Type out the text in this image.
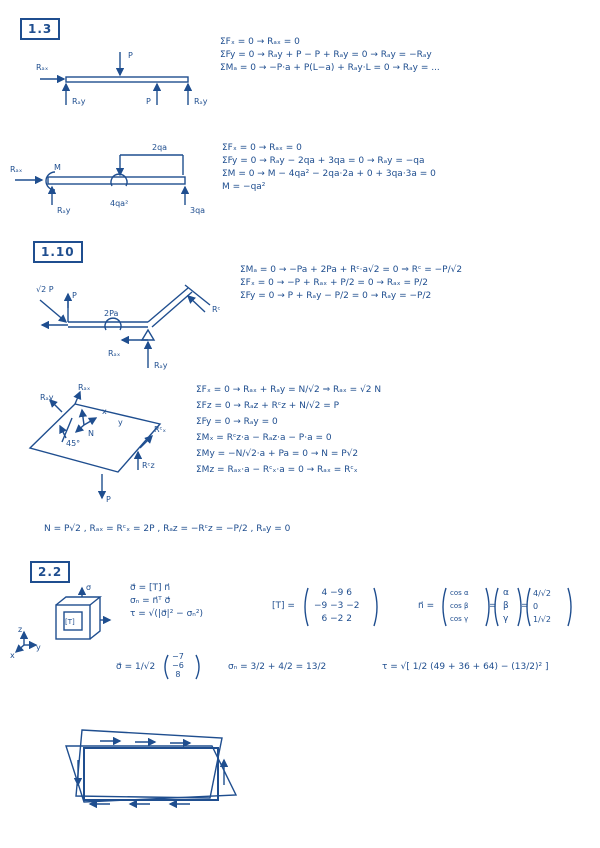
1.3
1.10
2.2
Rₐₓ
P
Rₐy	P	Rₐy
Rₐₓ	M
2qa
Rₐy
4qa²
3qa
√2 P
P
2Pa
Rₐₓ
Rₐy
Rᶜ
Rₐy
Rₐₓ
N
y
x
45°
Rᶜₓ
Rᶜz
P
z
y
x
[T]
σ
ΣFₓ = 0 → Rₐₓ = 0
ΣFy = 0 → Rₐy + P − P + Rₐy = 0 → Rₐy = −Rₐy
ΣMₐ = 0 → −P·a + P(L−a) + Rₐy·L = 0 → Rₐy = ...
ΣFₓ = 0 → Rₐₓ = 0
ΣFy = 0 → Rₐy − 2qa + 3qa = 0 → Rₐy = −qa
ΣM = 0 → M − 4qa² − 2qa·2a + 0 + 3qa·3a = 0
M = −qa²
ΣMₐ = 0 → −Pa + 2Pa + Rᶜ·a√2 = 0 ⇒ Rᶜ = −P/√2
ΣFₓ = 0 → −P + Rₐₓ + P/2 = 0 → Rₐₓ = P/2
ΣFy = 0 → P + Rₐy − P/2 = 0 → Rₐy = −P/2
ΣFₓ = 0 → Rₐₓ + Rₐy = N/√2 ⇒ Rₐₓ = √2 N
ΣFz = 0 → Rₐz + Rᶜz + N/√2 = P
ΣFy = 0 → Rₐy = 0
ΣMₓ = Rᶜz·a − Rₐz·a − P·a = 0
ΣMy = −N/√2·a + Pa = 0 → N = P√2
ΣMz = Rₐₓ·a − Rᶜₓ·a = 0 → Rₐₓ = Rᶜₓ
N = P√2 , Rₐₓ = Rᶜₓ = 2P , Rₐz = −Rᶜz = −P/2 , Rₐy = 0
σ⃗ = [T] n⃗
σₙ = n⃗ᵀ σ⃗
τ = √(|σ⃗|² − σₙ²)
[T] =
4 −9 6
−9 −3 −2
6 −2 2
n⃗ =
cos α
cos β
cos γ
=
α
β
γ
=
4/√2
0
1/√2
σ⃗ = 1/√2
−7
−6
8
σₙ = 3/2 + 4/2 = 13/2	τ = √[ 1/2 (49 + 36 + 64) − (13/2)² ]
